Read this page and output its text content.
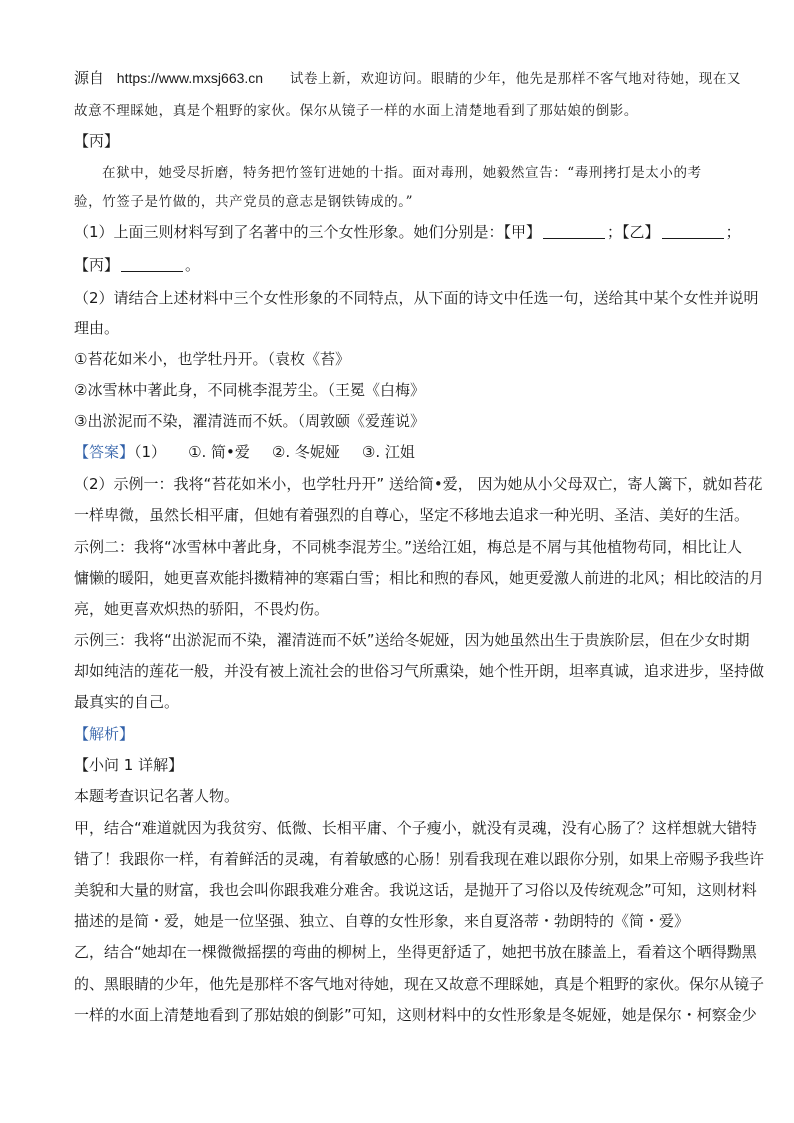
源自 https://www.mxsj663.cn 试卷上新，欢迎访问。眼睛的少年，他先是那样不客气地对待她，现在又
故意不理睬她，真是个粗野的家伙。保尔从镜子一样的水面上清楚地看到了那姑娘的倒影。
【丙】
在狱中，她受尽折磨，特务把竹签钉进她的十指。面对毒刑，她毅然宣告：“毒刑拷打是太小的考
验，竹签子是竹做的，共产党员的意志是钢铁铸成的。”
（1）上面三则材料写到了名著中的三个女性形象。她们分别是：【甲】	；【乙】	；
【丙】	。
（2）请结合上述材料中三个女性形象的不同特点，从下面的诗文中任选一句，送给其中某个女性并说明
理由。
①苔花如米小，也学牡丹开。（袁枚《苔》
②冰雪林中著此身，不同桃李混芳尘。（王冕《白梅》
③出淤泥而不染，濯清涟而不妖。（周敦颐《爱莲说》
【答案】（1） ①. 简•爱 ②. 冬妮娅 ③. 江姐
（2）示例一：我将“苔花如米小，也学牡丹开” 送给简•爱， 因为她从小父母双亡，寄人篱下，就如苔花
一样卑微，虽然长相平庸，但她有着强烈的自尊心，坚定不移地去追求一种光明、圣洁、美好的生活。
示例二：我将“冰雪林中著此身，不同桃李混芳尘。”送给江姐，梅总是不屑与其他植物苟同，相比让人
慵懒的暖阳，她更喜欢能抖擞精神的寒霜白雪；相比和煦的春风，她更爱激人前进的北风；相比皎洁的月
亮，她更喜欢炽热的骄阳，不畏灼伤。
示例三：我将“出淤泥而不染，濯清涟而不妖”送给冬妮娅，因为她虽然出生于贵族阶层，但在少女时期
却如纯洁的莲花一般，并没有被上流社会的世俗习气所熏染，她个性开朗，坦率真诚，追求进步，坚持做
最真实的自己。
【解析】
【小问 1 详解】
本题考查识记名著人物。
甲，结合“难道就因为我贫穷、低微、长相平庸、个子瘦小，就没有灵魂，没有心肠了？这样想就大错特
错了！我跟你一样，有着鲜活的灵魂，有着敏感的心肠！别看我现在难以跟你分别，如果上帝赐予我些许
美貌和大量的财富，我也会叫你跟我难分难舍。我说这话，是抛开了习俗以及传统观念”可知，这则材料
描述的是简・爱，她是一位坚强、独立、自尊的女性形象，来自夏洛蒂・勃朗特的《简・爱》
乙，结合“她却在一棵微微摇摆的弯曲的柳树上，坐得更舒适了，她把书放在膝盖上，看着这个晒得黝黑
的、黑眼睛的少年，他先是那样不客气地对待她，现在又故意不理睬她，真是个粗野的家伙。保尔从镜子
一样的水面上清楚地看到了那姑娘的倒影”可知，这则材料中的女性形象是冬妮娅，她是保尔・柯察金少
